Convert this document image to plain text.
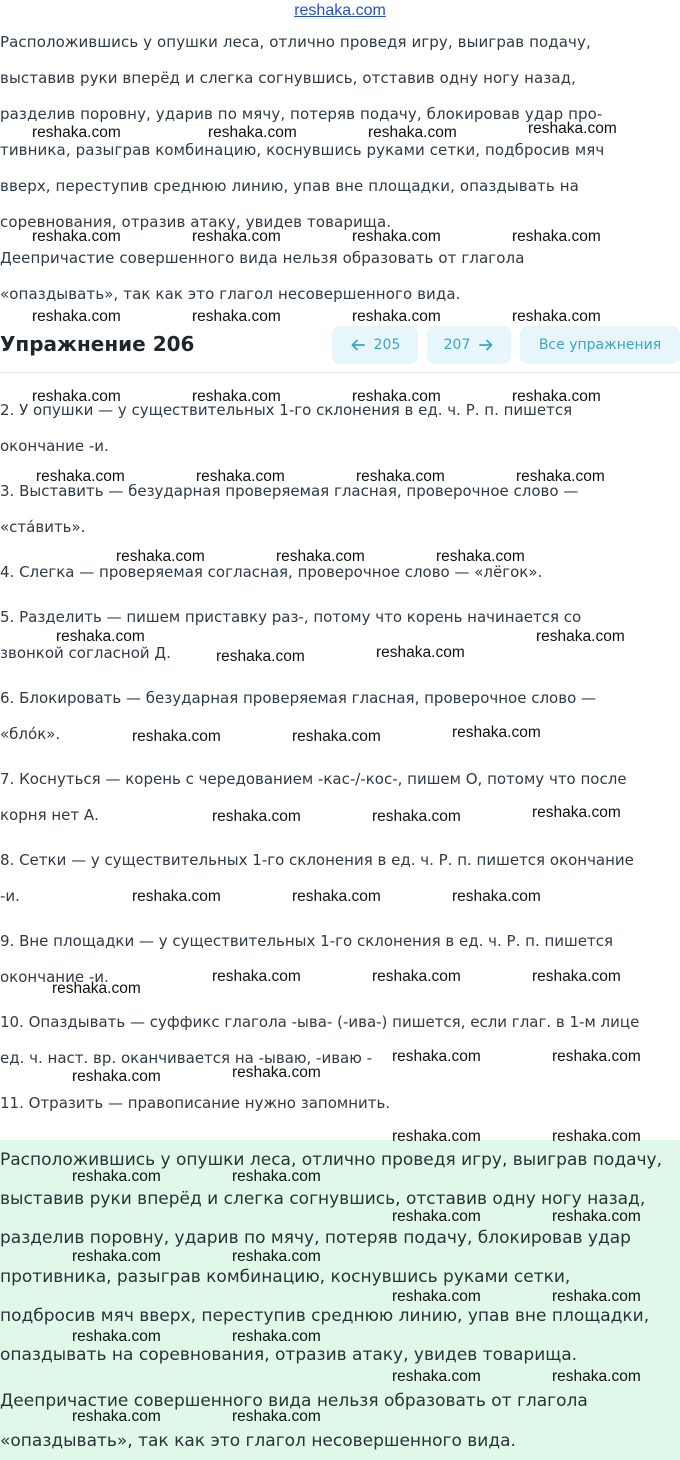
reshaka.com
Расположившись у опушки леса, отлично проведя игру, выиграв подачу,
выставив руки вперёд и слегка согнувшись, отставив одну ногу назад,
разделив поровну, ударив по мячу, потеряв подачу, блокировав удар про-
тивника, разыграв комбинацию, коснувшись руками сетки, подбросив мяч
вверх, переступив среднюю линию, упав вне площадки, опаздывать на
соревнования, отразив атаку, увидев товарища.
Деепричастие совершенного вида нельзя образовать от глагола
«опаздывать», так как это глагол несовершенного вида.
Упражнение 206	205	207	Все упражнения
2. У опушки — у существительных 1-го склонения в ед. ч. Р. п. пишется
окончание -и.
3. Выставить — безударная проверяемая гласная, проверочное слово —
«ста́вить».
4. Слегка — проверяемая согласная, проверочное слово — «лёгок».
5. Разделить — пишем приставку раз-, потому что корень начинается со
звонкой согласной Д.
6. Блокировать — безударная проверяемая гласная, проверочное слово —
«бло́к».
7. Коснуться — корень с чередованием -кас-/-кос-, пишем О, потому что после
корня нет А.
8. Сетки — у существительных 1-го склонения в ед. ч. Р. п. пишется окончание
-и.
9. Вне площадки — у существительных 1-го склонения в ед. ч. Р. п. пишется
окончание -и.
10. Опаздывать — суффикс глагола -ыва- (-ива-) пишется, если глаг. в 1-м лице
ед. ч. наст. вр. оканчивается на -ываю, -иваю -
11. Отразить — правописание нужно запомнить.
Расположившись у опушки леса, отлично проведя игру, выиграв подачу,
выставив руки вперёд и слегка согнувшись, отставив одну ногу назад,
разделив поровну, ударив по мячу, потеряв подачу, блокировав удар
противника, разыграв комбинацию, коснувшись руками сетки,
подбросив мяч вверх, переступив среднюю линию, упав вне площадки,
опаздывать на соревнования, отразив атаку, увидев товарища.
Деепричастие совершенного вида нельзя образовать от глагола
«опаздывать», так как это глагол несовершенного вида.
reshaka.com	reshaka.com	reshaka.com	reshaka.com
reshaka.com	reshaka.com	reshaka.com	reshaka.com
reshaka.com	reshaka.com	reshaka.com	reshaka.com
reshaka.com	reshaka.com	reshaka.com	reshaka.com
reshaka.com	reshaka.com	reshaka.com	reshaka.com
reshaka.com	reshaka.com	reshaka.com
reshaka.com	reshaka.com
reshaka.com	reshaka.com
reshaka.com	reshaka.com	reshaka.com
reshaka.com	reshaka.com	reshaka.com
reshaka.com	reshaka.com	reshaka.com
reshaka.com	reshaka.com	reshaka.com
reshaka.com
reshaka.com	reshaka.com
reshaka.com	reshaka.com
reshaka.com	reshaka.com
reshaka.com	reshaka.com
reshaka.com	reshaka.com
reshaka.com	reshaka.com
reshaka.com	reshaka.com
reshaka.com	reshaka.com
reshaka.com	reshaka.com
reshaka.com	reshaka.com
